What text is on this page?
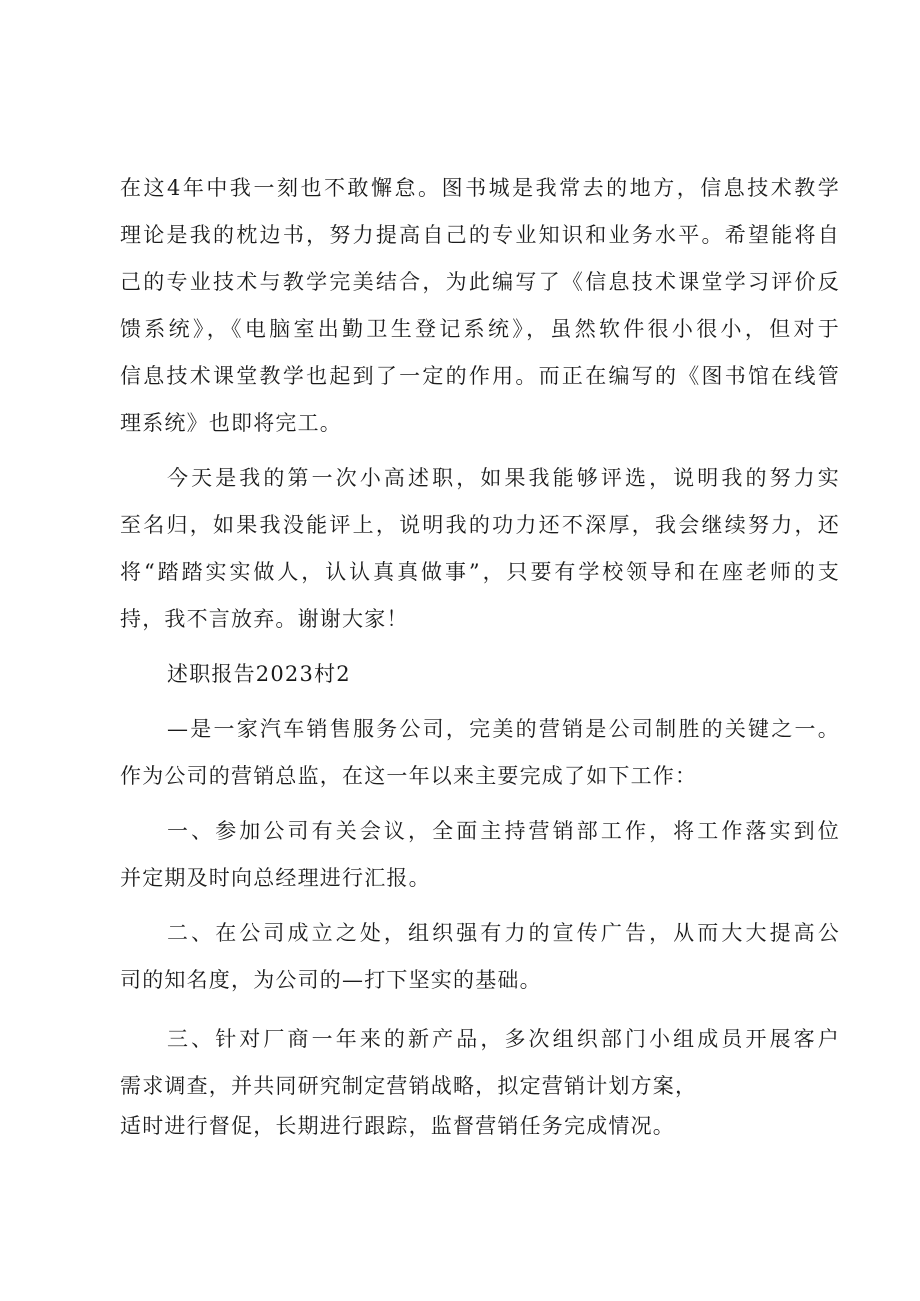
在这4年中我一刻也不敢懈怠。图书城是我常去的地方，信息技术教学
理论是我的枕边书，努力提高自己的专业知识和业务水平。希望能将自
己的专业技术与教学完美结合，为此编写了《信息技术课堂学习评价反
馈系统》，《电脑室出勤卫生登记系统》，虽然软件很小很小，但对于
信息技术课堂教学也起到了一定的作用。而正在编写的《图书馆在线管
理系统》也即将完工。
今天是我的第一次小高述职，如果我能够评选，说明我的努力实
至名归，如果我没能评上，说明我的功力还不深厚，我会继续努力，还
将“踏踏实实做人，认认真真做事”，只要有学校领导和在座老师的支
持，我不言放弃。谢谢大家！
述职报告2023村2
—是一家汽车销售服务公司，完美的营销是公司制胜的关键之一。
作为公司的营销总监，在这一年以来主要完成了如下工作：
一、参加公司有关会议，全面主持营销部工作，将工作落实到位
并定期及时向总经理进行汇报。
二、在公司成立之处，组织强有力的宣传广告，从而大大提高公
司的知名度，为公司的—打下坚实的基础。
三、针对厂商一年来的新产品，多次组织部门小组成员开展客户
需求调查，并共同研究制定营销战略，拟定营销计划方案，
适时进行督促，长期进行跟踪，监督营销任务完成情况。
